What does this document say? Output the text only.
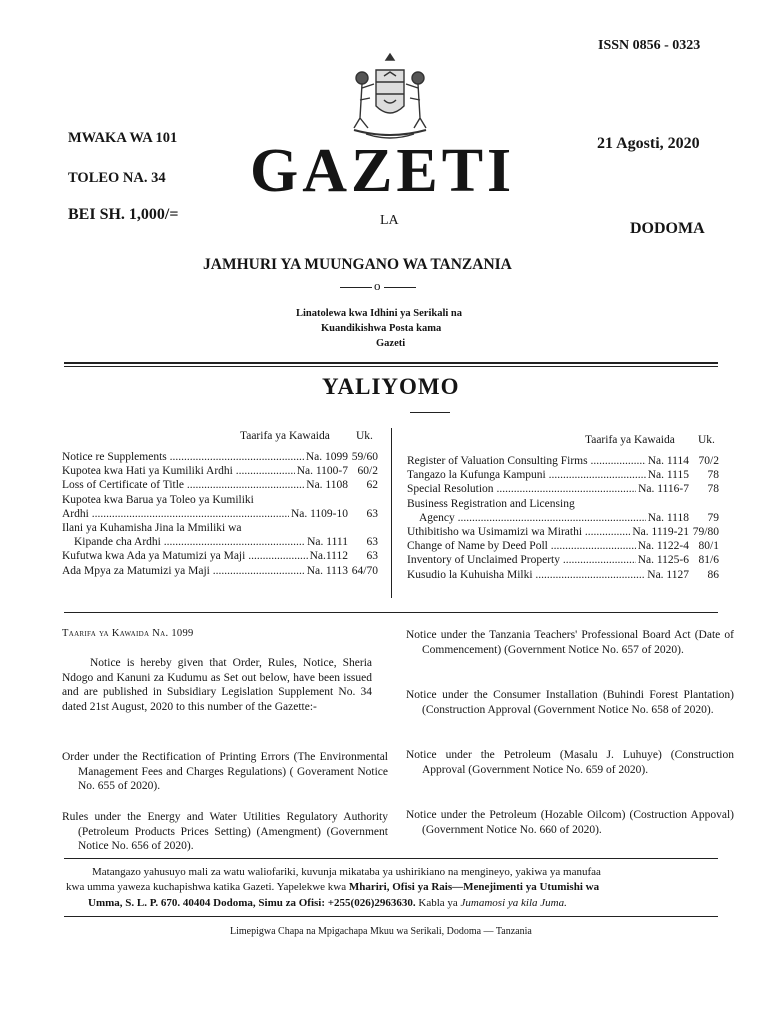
ISSN 0856 - 0323
MWAKA WA 101
TOLEO NA. 34
BEI SH. 1,000/=
GAZETI
LA
21 Agosti, 2020
DODOMA
JAMHURI YA MUUNGANO WA TANZANIA
o
Linatolewa kwa Idhini ya Serikali na
Kuandikishwa Posta kama
Gazeti
YALIYOMO
Taarifa ya Kawaida Uk.
Notice re Supplements .....	Na. 1099 59/60
Kupotea kwa Hati ya Kumiliki Ardhi .....	Na. 1100-7 60/2
Loss of Certificate of Title .....	Na. 1108	62
Kupotea kwa Barua ya Toleo ya Kumiliki
Ardhi .....	Na. 1109-10	63
Ilani ya Kuhamisha Jina la Mmiliki wa
Kipande cha Ardhi .....	Na. 1111	63
Kufutwa kwa Ada ya Matumizi ya Maji .....	Na.1112	63
Ada Mpya za Matumizi ya Maji .....	Na. 1113 64/70
Taarifa ya Kawaida Uk.
Register of Valuation Consulting Firms .....	Na. 1114 70/2
Tangazo la Kufunga Kampuni .....	Na. 1115	78
Special Resolution .....	Na. 1116-7	78
Business Registration and Licensing
Agency .....	Na. 1118	79
Uthibitisho wa Usimamizi wa Mirathi .....	Na. 1119-21 79/80
Change of Name by Deed Poll .....	Na. 1122-4 80/1
Inventory of Unclaimed Property .....	Na. 1125-6 81/6
Kusudio la Kuhuisha Milki .....	Na. 1127	86
Taarifa ya Kawaida Na. 1099
Notice is hereby given that Order, Rules, Notice, Sheria Ndogo and Kanuni za Kudumu as Set out below, have been issued and are published in Subsidiary Legislation Supplement No. 34 dated 21st August, 2020 to this number of the Gazette:-
Order under the Rectification of Printing Errors (The Environmental Management Fees and Charges Regulations) ( Goverament Notice No. 655 of 2020).
Rules under the Energy and Water Utilities Regulatory Authority (Petroleum Products Prices Setting) (Amengment) (Government Notice No. 656 of 2020).
Notice under the Tanzania Teachers' Professional Board Act (Date of Commencement) (Government Notice No. 657 of 2020).
Notice under the Consumer Installation (Buhindi Forest Plantation) (Construction Approval (Government Notice No. 658 of 2020).
Notice under the Petroleum (Masalu J. Luhuye) (Construction Approval (Government Notice No. 659 of 2020).
Notice under the Petroleum (Hozable Oilcom) (Costruction Appoval) (Government Notice No. 660 of 2020).
Matangazo yahusuyo mali za watu waliofariki, kuvunja mikataba ya ushirikiano na mengineyo, yakiwa ya manufaa
kwa umma yaweza kuchapishwa katika Gazeti. Yapelekwe kwa Mhariri, Ofisi ya Rais—Menejimenti ya Utumishi wa
Umma, S. L. P. 670. 40404 Dodoma, Simu za Ofisi: +255(026)2963630. Kabla ya Jumamosi ya kila Juma.
Limepigwa Chapa na Mpigachapa Mkuu wa Serikali, Dodoma — Tanzania
